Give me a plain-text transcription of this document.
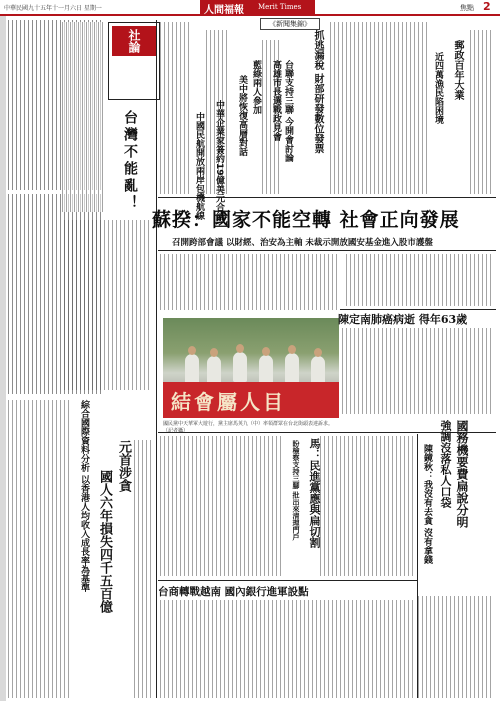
中華民國九十五年十一月六日 星期一	人間福報 Merit Times	焦點 2
社論
台灣不能亂！
《新聞集錦》
抓逃漏稅 財部研發數位發票
台聯支持三聯 今開會討論
高雄市長選戰政見會
藍綠兩人參加
美中將恢復高層對話
中華企業家簽約19億美元合約
中國民航開放兩岸包機航線
郵政百年大業
近四萬漁民陷困境
蘇揆：國家不能空轉 社會正向發展
召開跨部會議 以財經、治安為主軸 未裁示開放國安基金進入股市護盤
結會屬人目
國民黨中天華軍大遊行，黨主席馬英九（中）率領群眾在台北街頭表達訴求。（記者攝）
陳定南肺癌病逝 得年63歲
馬：民進黨應與扁切割
盼檢察支持三腳 批出來清理門戶	國務機要費扁說分明
強調沒落私人口袋
陳鏡秋：我沒有去貪 沒有拿錢
台商轉戰越南 國內銀行進軍設點
元首涉貪
國人六年損失四千五百億
綜合國際資料分析 以香港人均收入成長率為基準
